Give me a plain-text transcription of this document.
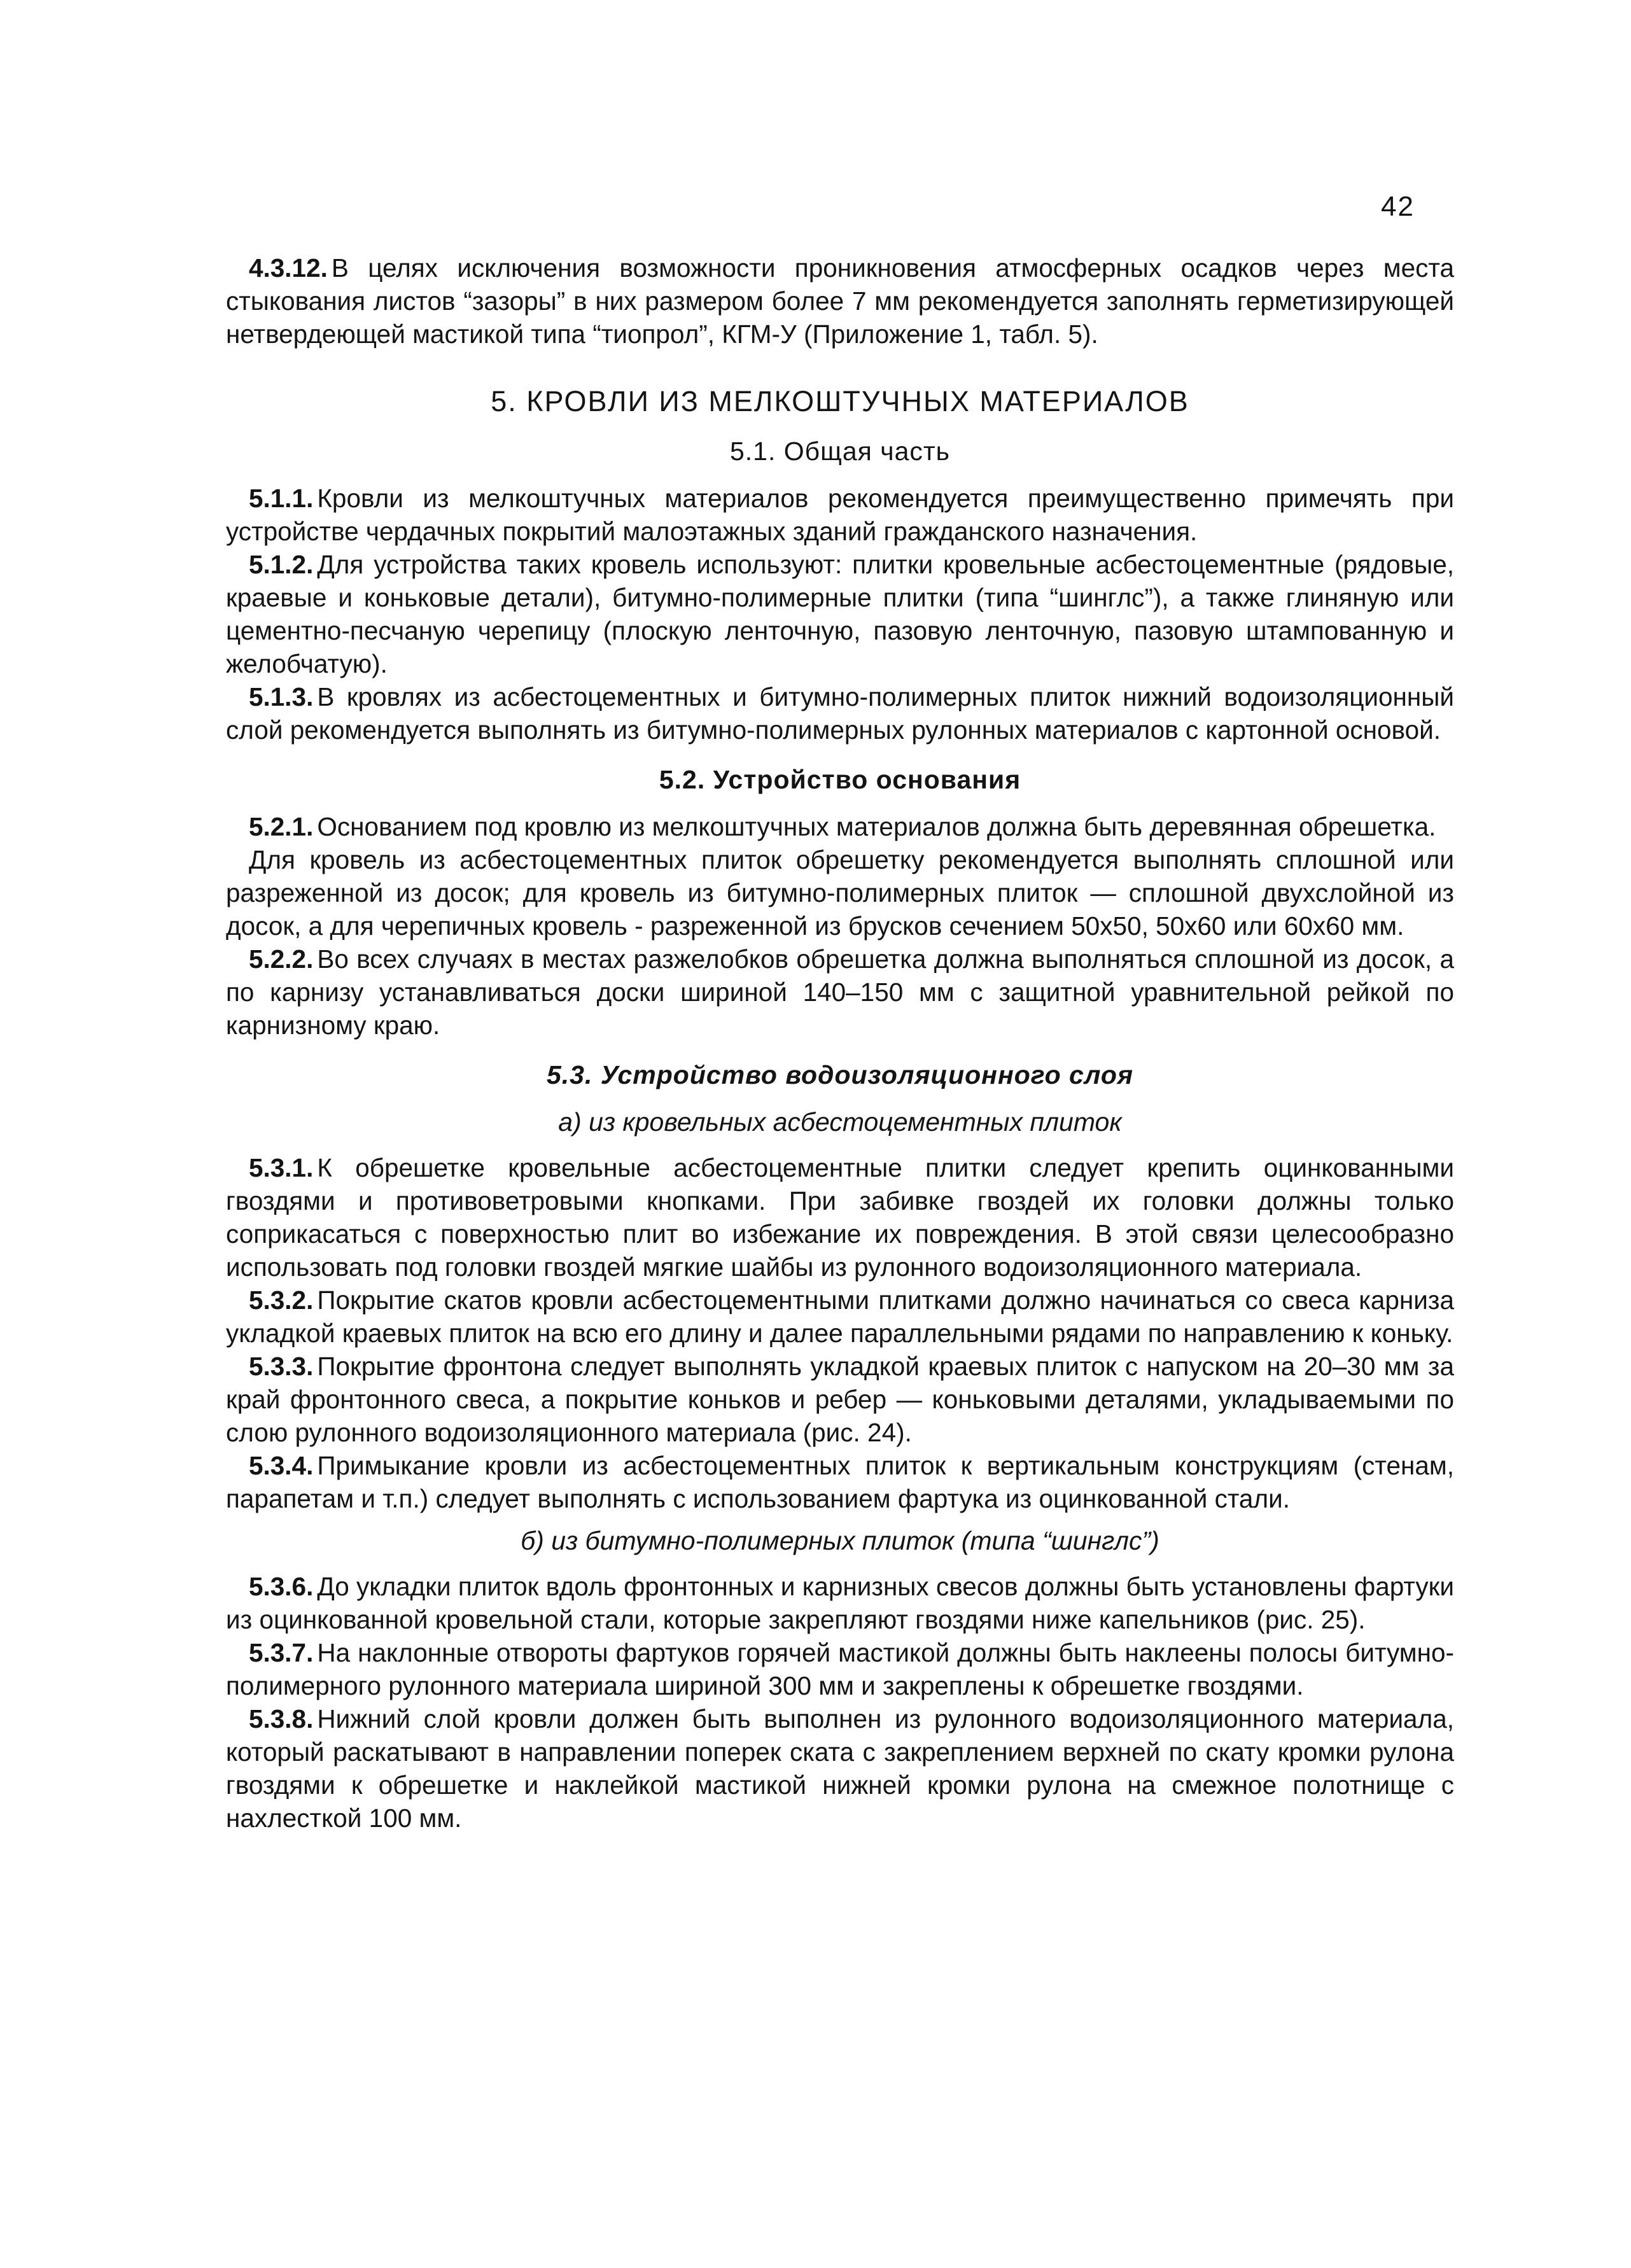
42

4.3.12. В целях исключения возможности проникновения атмосферных осадков через места стыкования листов “зазоры” в них размером более 7 мм рекомендуется заполнять герметизирующей нетвердеющей мастикой типа “тиопрол”, КГМ-У (Приложение 1, табл. 5).

5. КРОВЛИ ИЗ МЕЛКОШТУЧНЫХ МАТЕРИАЛОВ
5.1. Общая часть

5.1.1. Кровли из мелкоштучных материалов рекомендуется преимущественно примечять при устройстве чердачных покрытий малоэтажных зданий гражданского назначения.

5.1.2. Для устройства таких кровель используют: плитки кровельные асбестоцементные (рядовые, краевые и коньковые детали), битумно-полимерные плитки (типа “шинглс”), а также глиняную или цементно-песчаную черепицу (плоскую ленточную, пазовую ленточную, пазовую штампованную и желобчатую).

5.1.3. В кровлях из асбестоцементных и битумно-полимерных плиток нижний водоизоляционный слой рекомендуется выполнять из битумно-полимерных рулонных материалов с картонной основой.

5.2. Устройство основания

5.2.1. Основанием под кровлю из мелкоштучных материалов должна быть деревянная обрешетка.

Для кровель из асбестоцементных плиток обрешетку рекомендуется выполнять сплошной или разреженной из досок; для кровель из битумно-полимерных плиток — сплошной двухслойной из досок, а для черепичных кровель - разреженной из брусков сечением 50х50, 50х60 или 60х60 мм.

5.2.2. Во всех случаях в местах разжелобков обрешетка должна выполняться сплошной из досок, а по карнизу устанавливаться доски шириной 140–150 мм с защитной уравнительной рейкой по карнизному краю.

5.3. Устройство водоизоляционного слоя
а) из кровельных асбестоцементных плиток

5.3.1. К обрешетке кровельные асбестоцементные плитки следует крепить оцинкованными гвоздями и противоветровыми кнопками. При забивке гвоздей их головки должны только соприкасаться с поверхностью плит во избежание их повреждения. В этой связи целесообразно использовать под головки гвоздей мягкие шайбы из рулонного водоизоляционного материала.

5.3.2. Покрытие скатов кровли асбестоцементными плитками должно начинаться со свеса карниза укладкой краевых плиток на всю его длину и далее параллельными рядами по направлению к коньку.

5.3.3. Покрытие фронтона следует выполнять укладкой краевых плиток с напуском на 20–30 мм за край фронтонного свеса, а покрытие коньков и ребер — коньковыми деталями, укладываемыми по слою рулонного водоизоляционного материала (рис. 24).

5.3.4. Примыкание кровли из асбестоцементных плиток к вертикальным конструкциям (стенам, парапетам и т.п.) следует выполнять с использованием фартука из оцинкованной стали.

б) из битумно-полимерных плиток (типа “шинглс”)

5.3.6. До укладки плиток вдоль фронтонных и карнизных свесов должны быть установлены фартуки из оцинкованной кровельной стали, которые закрепляют гвоздями ниже капельников (рис. 25).

5.3.7. На наклонные отвороты фартуков горячей мастикой должны быть наклеены полосы битумно-полимерного рулонного материала шириной 300 мм и закреплены к обрешетке гвоздями.

5.3.8. Нижний слой кровли должен быть выполнен из рулонного водоизоляционного материала, который раскатывают в направлении поперек ската с закреплением верхней по скату кромки рулона гвоздями к обрешетке и наклейкой мастикой нижней кромки рулона на смежное полотнище с нахлесткой 100 мм.
